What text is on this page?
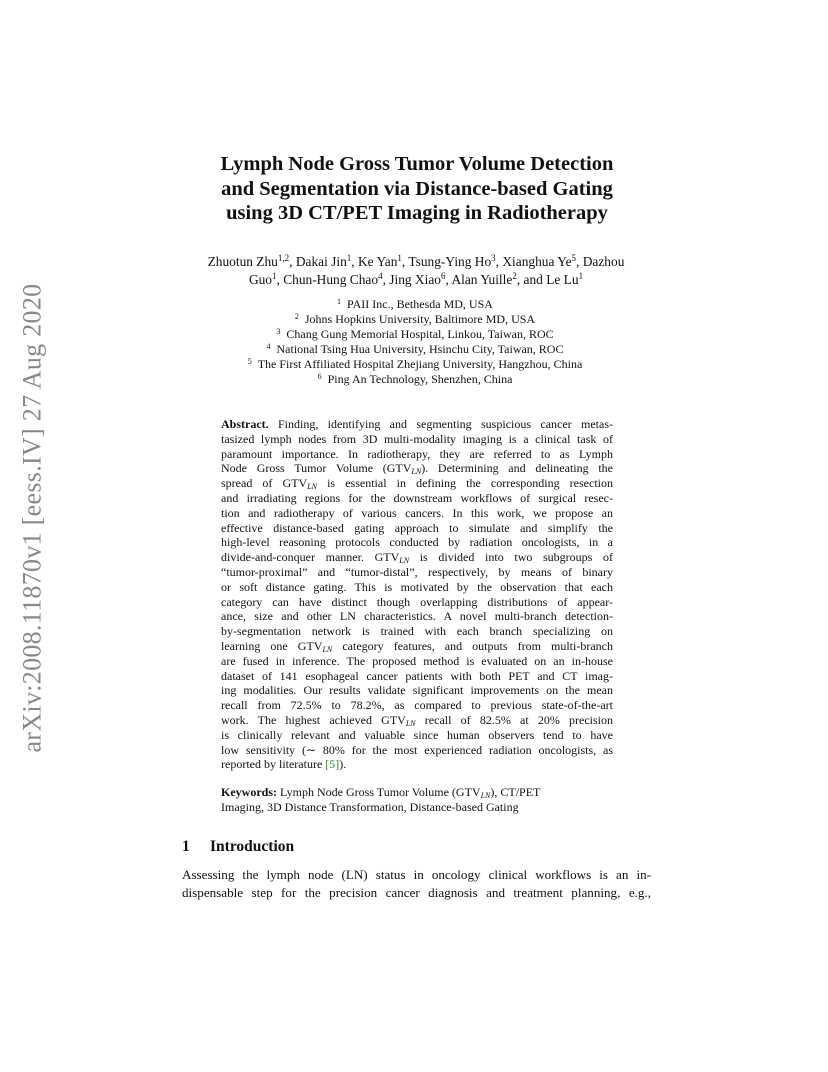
arXiv:2008.11870v1 [eess.IV] 27 Aug 2020
Lymph Node Gross Tumor Volume Detection
and Segmentation via Distance-based Gating
using 3D CT/PET Imaging in Radiotherapy
Zhuotun Zhu$^{1,2}$, Dakai Jin$^1$, Ke Yan$^1$, Tsung-Ying Ho$^3$, Xianghua Ye$^5$, Dazhou
Guo$^1$, Chun-Hung Chao$^4$, Jing Xiao$^6$, Alan Yuille$^2$, and Le Lu$^1$
$^1$ PAII Inc., Bethesda MD, USA
$^2$ Johns Hopkins University, Baltimore MD, USA
$^3$ Chang Gung Memorial Hospital, Linkou, Taiwan, ROC
$^4$ National Tsing Hua University, Hsinchu City, Taiwan, ROC
$^5$ The First Affiliated Hospital Zhejiang University, Hangzhou, China
$^6$ Ping An Technology, Shenzhen, China
Abstract. Finding, identifying and segmenting suspicious cancer metas-
tasized lymph nodes from 3D multi-modality imaging is a clinical task of
paramount importance. In radiotherapy, they are referred to as Lymph
Node Gross Tumor Volume $(GTV_{LN})$. Determining and delineating the
spread of $GTV_{LN}$ is essential in defining the corresponding resection
and irradiating regions for the downstream workflows of surgical resec-
tion and radiotherapy of various cancers. In this work, we propose an
effective distance-based gating approach to simulate and simplify the
high-level reasoning protocols conducted by radiation oncologists, in a
divide-and-conquer manner. $GTV_{LN}$ is divided into two subgroups of
“tumor-proximal” and “tumor-distal”, respectively, by means of binary
or soft distance gating. This is motivated by the observation that each
category can have distinct though overlapping distributions of appear-
ance, size and other LN characteristics. A novel multi-branch detection-
by-segmentation network is trained with each branch specializing on
learning one $GTV_{LN}$ category features, and outputs from multi-branch
are fused in inference. The proposed method is evaluated on an in-house
dataset of 141 esophageal cancer patients with both PET and CT imag-
ing modalities. Our results validate significant improvements on the mean
recall from 72.5% to 78.2%, as compared to previous state-of-the-art
work. The highest achieved $GTV_{LN}$ recall of 82.5% at 20% precision
is clinically relevant and valuable since human observers tend to have
low sensitivity (∼ 80% for the most experienced radiation oncologists, as
reported by literature [5]).
Keywords: Lymph Node Gross Tumor Volume $(GTV_{LN})$, CT/PET
Imaging, 3D Distance Transformation, Distance-based Gating
1 Introduction
Assessing the lymph node (LN) status in oncology clinical workflows is an in-
dispensable step for the precision cancer diagnosis and treatment planning, e.g.,
